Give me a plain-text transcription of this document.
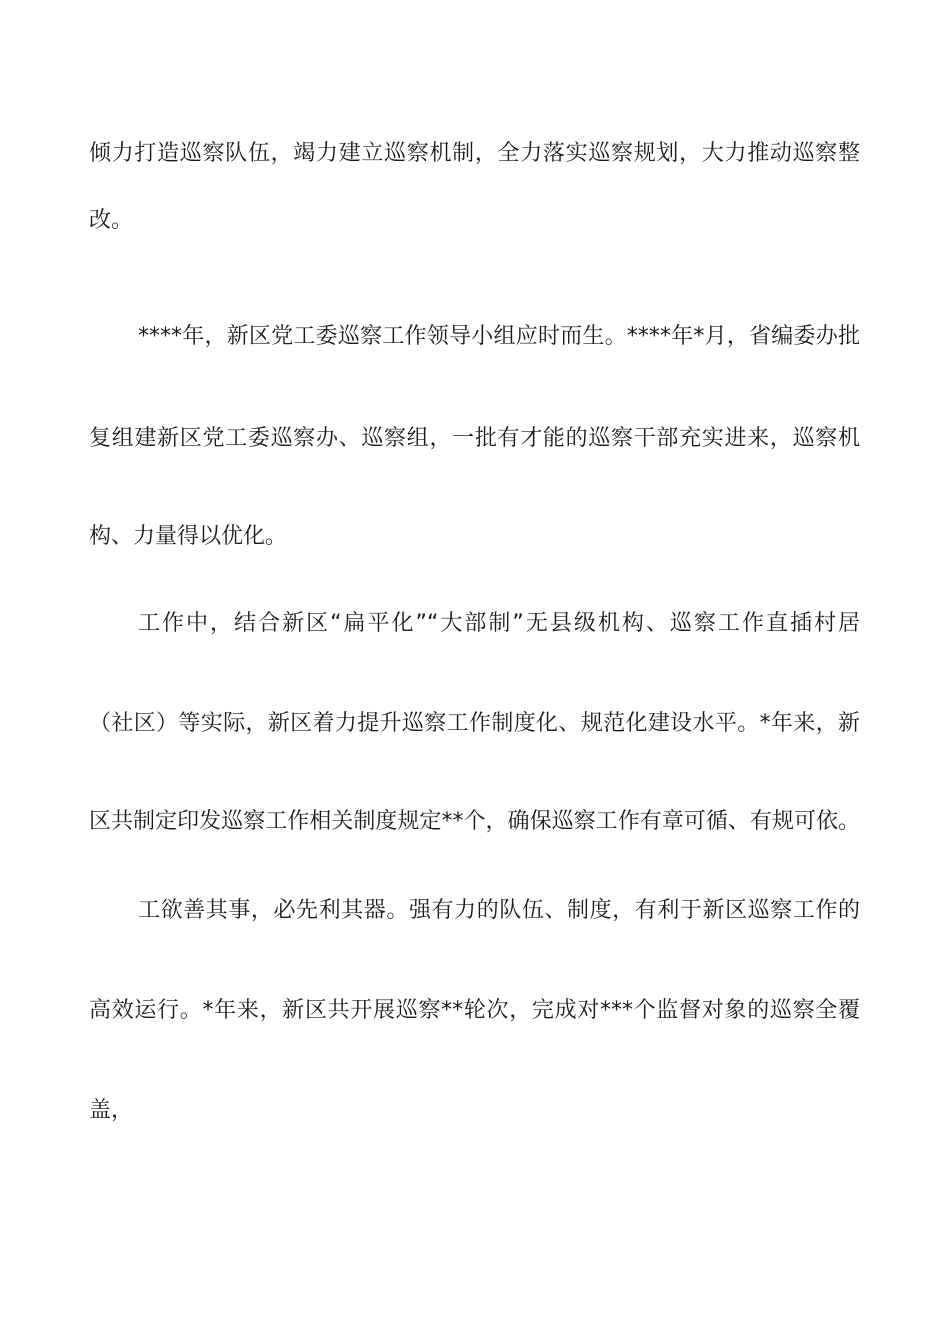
倾力打造巡察队伍，竭力建立巡察机制，全力落实巡察规划，大力推动巡察整
改。
****年，新区党工委巡察工作领导小组应时而生。****年*月，省编委办批
复组建新区党工委巡察办、巡察组，一批有才能的巡察干部充实进来，巡察机
构、力量得以优化。
工作中，结合新区“扁平化”“大部制”无县级机构、巡察工作直插村居
（社区）等实际，新区着力提升巡察工作制度化、规范化建设水平。*年来，新
区共制定印发巡察工作相关制度规定**个，确保巡察工作有章可循、有规可依。
工欲善其事，必先利其器。强有力的队伍、制度，有利于新区巡察工作的
高效运行。*年来，新区共开展巡察**轮次，完成对***个监督对象的巡察全覆
盖，
